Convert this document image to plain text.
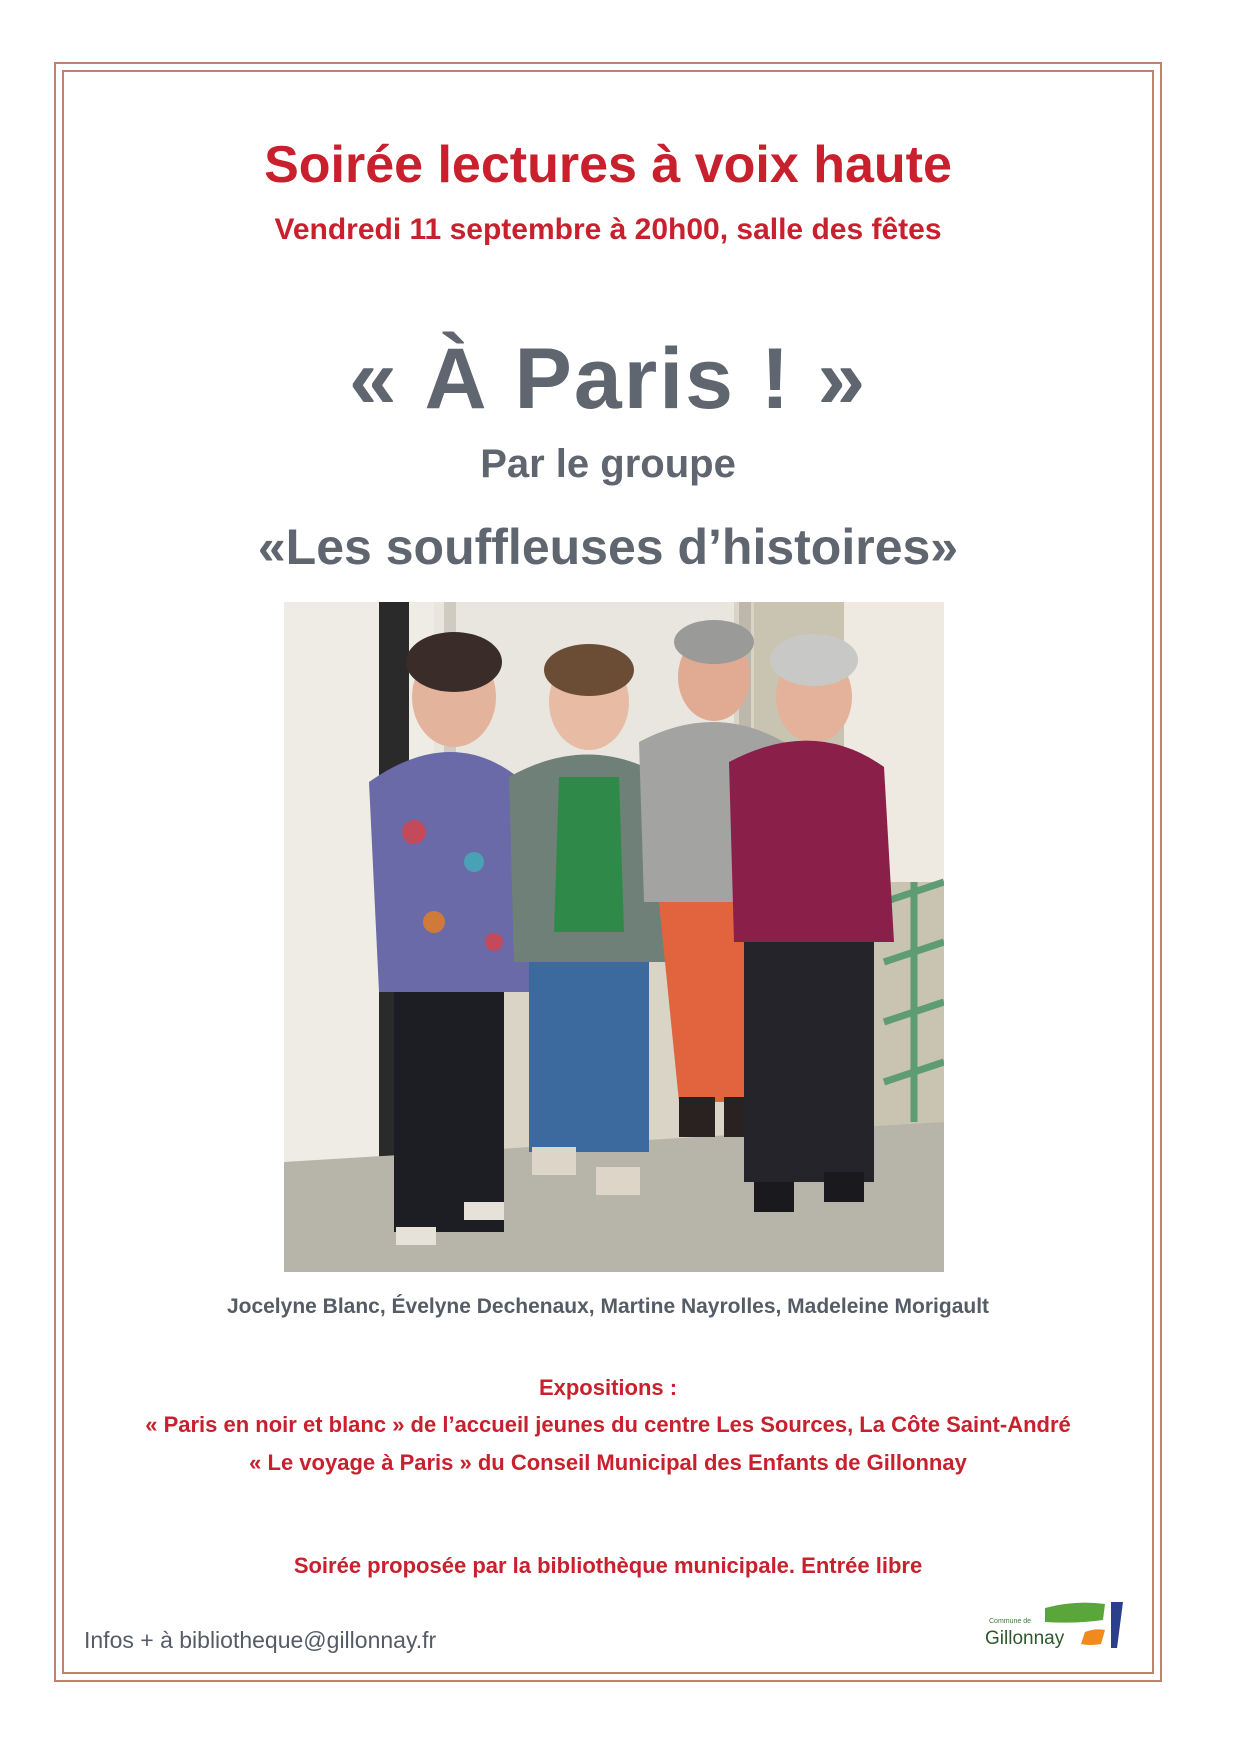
Soirée lectures à voix haute
Vendredi 11 septembre à 20h00, salle des fêtes
« À Paris ! »
Par le groupe
«Les souffleuses d’histoires»
Jocelyne Blanc, Évelyne Dechenaux, Martine Nayrolles, Madeleine Morigault
Expositions :
« Paris en noir et blanc » de l’accueil jeunes du centre Les Sources, La Côte Saint-André
« Le voyage à Paris » du Conseil Municipal des Enfants de Gillonnay
Soirée proposée par la bibliothèque municipale. Entrée libre
Infos + à bibliotheque@gillonnay.fr
Commune de
Gillonnay
